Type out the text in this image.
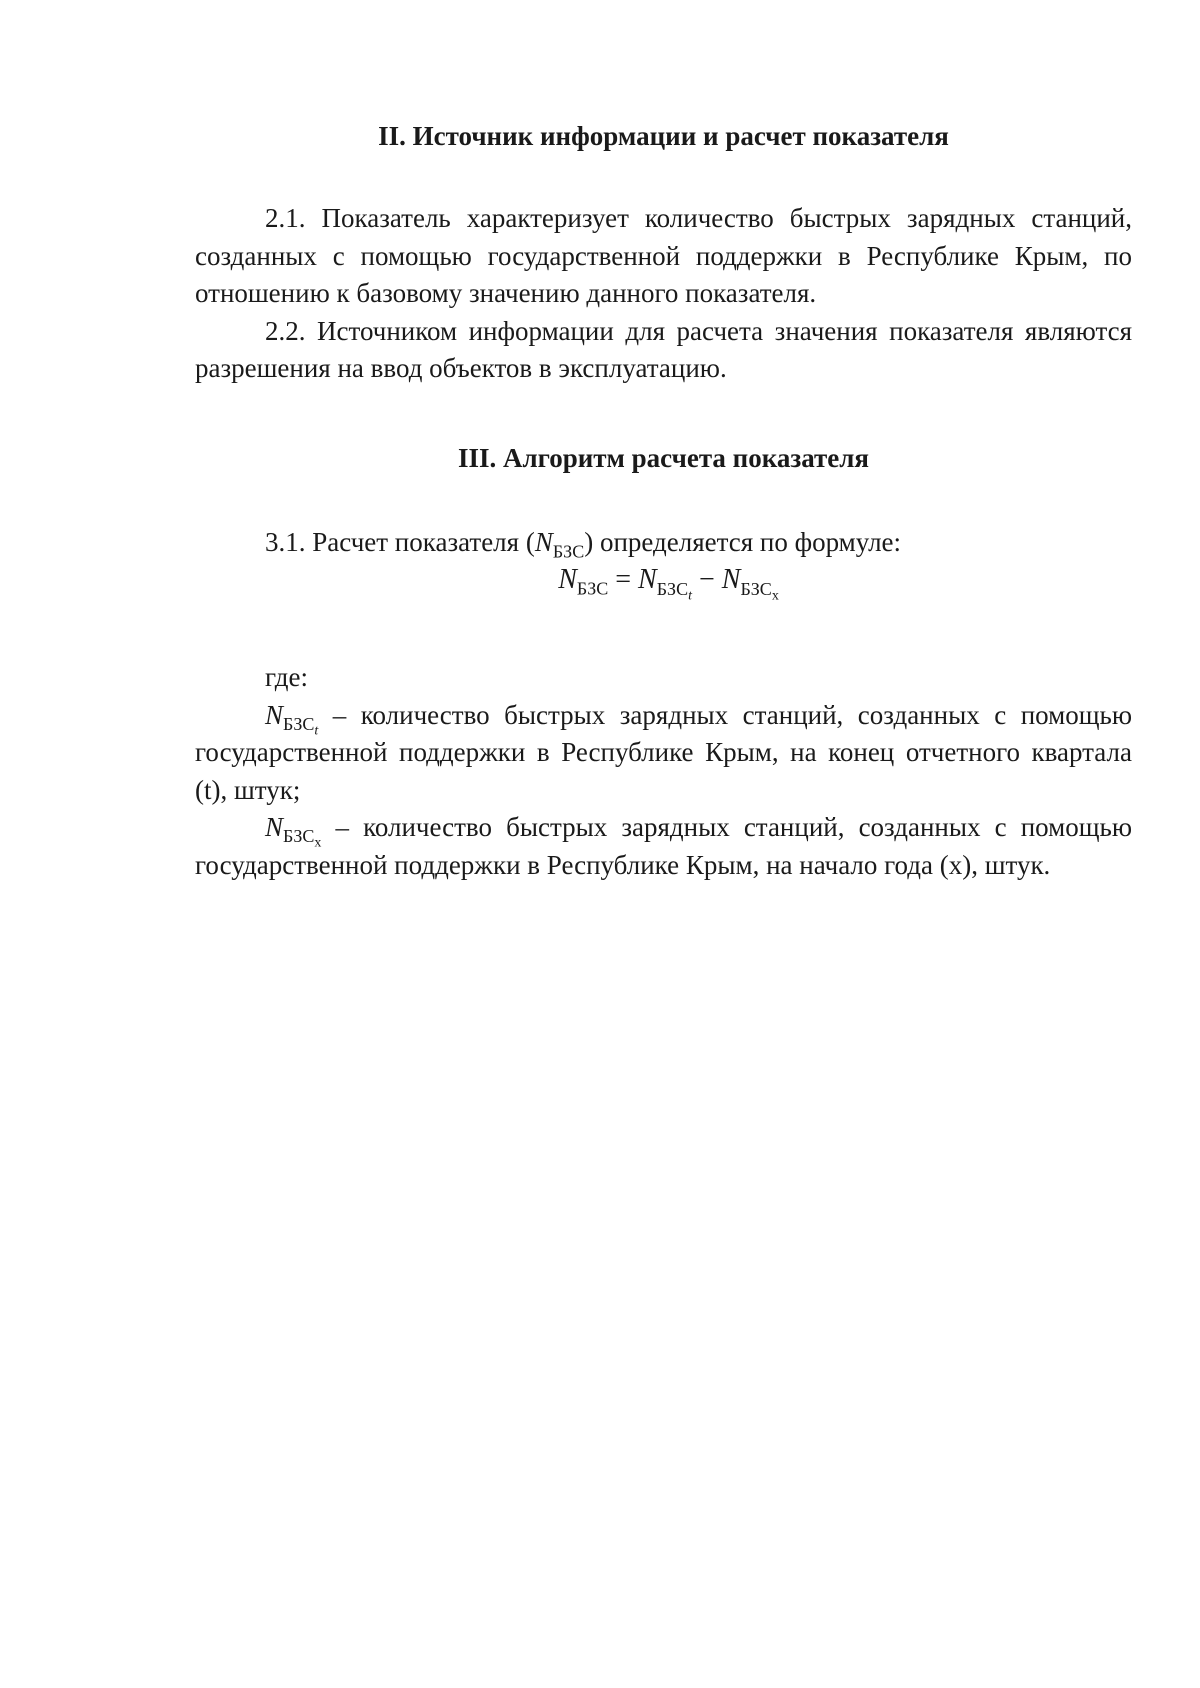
II. Источник информации и расчет показателя

2.1. Показатель характеризует количество быстрых зарядных станций, созданных с помощью государственной поддержки в Республике Крым, по отношению к базовому значению данного показателя.

2.2. Источником информации для расчета значения показателя являются разрешения на ввод объектов в эксплуатацию.

III. Алгоритм расчета показателя

3.1. Расчет показателя $(N_{БЗС})$ определяется по формуле:

$N_{БЗС} = N_{БЗС_t} - N_{БЗС_х}$

где:

$N_{БЗС_t}$ – количество быстрых зарядных станций, созданных с помощью государственной поддержки в Республике Крым, на конец отчетного квартала (t), штук;

$N_{БЗС_х}$ – количество быстрых зарядных станций, созданных с помощью государственной поддержки в Республике Крым, на начало года (х), штук.
